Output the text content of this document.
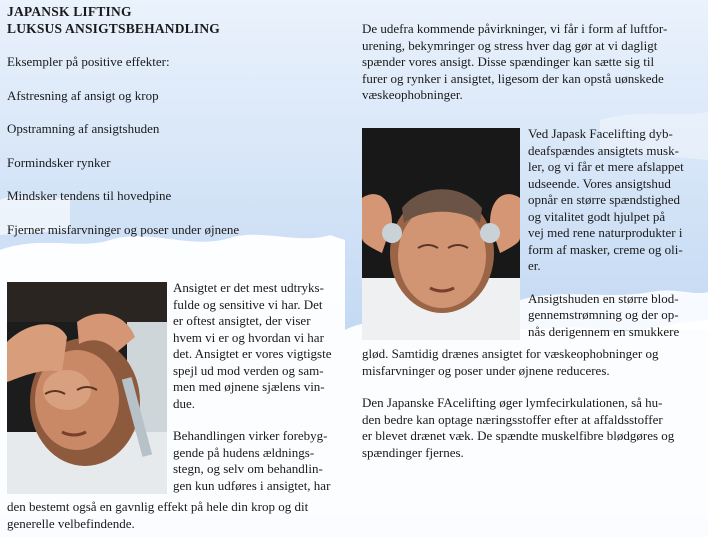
JAPANSK LIFTING
LUKSUS ANSIGTSBEHANDLING
Eksempler på positive effekter:
Afstresning af ansigt og krop
Opstramning af ansigtshuden
Formindsker rynker
Mindsker tendens til hovedpine
Fjerner misfarvninger og poser under øjnene
Ansigtet er det mest udtryks-
fulde og sensitive vi har. Det
er oftest ansigtet, der viser
hvem vi er og hvordan vi har
det. Ansigtet er vores vigtigste
spejl ud mod verden og sam-
men med øjnene sjælens vin-
due.
Behandlingen virker forebyg-
gende på hudens ældnings-
stegn, og selv om behandlin-
gen kun udføres i ansigtet, har
den bestemt også en gavnlig effekt på hele din krop og dit
generelle velbefindende.
De udefra kommende påvirkninger, vi får i form af luftfor-
urening, bekymringer og stress hver dag gør at vi dagligt
spænder vores ansigt. Disse spændinger kan sætte sig til
furer og rynker i ansigtet, ligesom der kan opstå uønskede
væskeophobninger.
Ved Japask Facelifting dyb-
deafspændes ansigtets musk-
ler, og vi får et mere afslappet
udseende. Vores ansigtshud
opnår en større spændstighed
og vitalitet godt hjulpet på
vej med rene naturprodukter i
form af masker, creme og oli-
er.
Ansigtshuden en større blod-
gennemstrømning og der op-
nås derigennem en smukkere
glød. Samtidig drænes ansigtet for væskeophobninger og
misfarvninger og poser under øjnene reduceres.
Den Japanske FAcelifting øger lymfecirkulationen, så hu-
den bedre kan optage næringsstoffer efter at affaldsstoffer
er blevet drænet væk. De spændte muskelfibre blødgøres og
spændinger fjernes.
